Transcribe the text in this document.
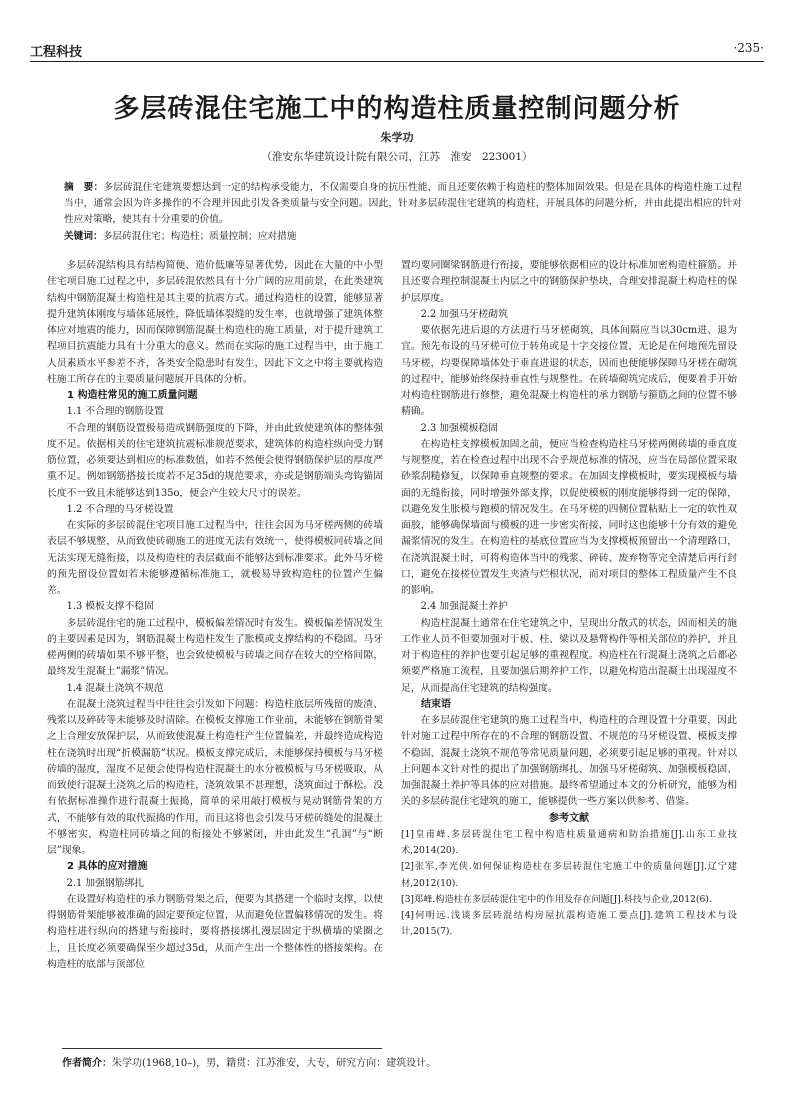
工程科技	·235·
多层砖混住宅施工中的构造柱质量控制问题分析
朱学功
（淮安东华建筑设计院有限公司，江苏　淮安　223001）
摘　要：多层砖混住宅建筑要想达到一定的结构承受能力，不仅需要自身的抗压性能，而且还要依赖于构造柱的整体加固效果。但是在具体的构造柱施工过程当中，通常会因为许多操作的不合理并因此引发各类质量与安全问题。因此，针对多层砖混住宅建筑的构造柱，开展具体的问题分析，并由此提出相应的针对性应对策略，使其有十分重要的价值。
关键词：多层砖混住宅；构造柱；质量控制；应对措施

多层砖混结构具有结构简便、造价低廉等显著优势，因此在大量的中小型住宅项目施工过程之中，多层砖混依然具有十分广阔的应用前景，在此类建筑结构中钢筋混凝土构造柱是其主要的抗震方式。通过构造柱的设置，能够显著提升建筑体刚度与墙体延展性，降低墙体裂缝的发生率，也就增强了建筑体整体应对地震的能力，因而保障钢筋混凝土构造柱的施工质量，对于提升建筑工程项目抗震能力具有十分重大的意义。然而在实际的施工过程当中，由于施工人员素质水平参差不齐，各类安全隐患时有发生，因此下文之中将主要就构造柱施工所存在的主要质量问题展开具体的分析。

1 构造柱常见的施工质量问题
1.1 不合理的钢筋设置

不合理的钢筋设置极易造成钢筋强度的下降，并由此致使建筑体的整体强度不足。依据相关的住宅建筑抗震标准规范要求，建筑体的构造柱纵向受力钢筋位置，必须要达到相应的标准数值，如若不然便会使得钢筋保护层的厚度严重不足。例如钢筋搭接长度若不足35d的规范要求，亦或是钢筋端头弯钩锚固长度不一致且未能够达到135o，便会产生较大尺寸的误差。

1.2 不合理的马牙槎设置

在实际的多层砖混住宅项目施工过程当中，往往会因为马牙槎两侧的砖墙表层不够规整，从而致使砖砌施工的进度无法有效统一，使得模板同砖墙之间无法实现无缝衔接，以及构造柱的表层截面不能够达到标准要求。此外马牙槎的预先留设位置如若未能够遵循标准施工，就极易导致构造柱的位置产生偏差。

1.3 模板支撑不稳固

多层砖混住宅的施工过程中，模板偏差情况时有发生。模板偏差情况发生的主要因素是因为，钢筋混凝土构造柱发生了胀模或支撑结构的不稳固。马牙槎两侧的砖墙如果不够平整，也会致使模板与砖墙之间存在较大的空格间隙，最终发生混凝土“漏浆”情况。

1.4 混凝土浇筑不规范

在混凝土浇筑过程当中往往会引发如下问题：构造柱底层所残留的废渣、残浆以及碎砖等未能够及时清除。在模板支撑施工作业前，未能够在钢筋骨架之上合理安放保护层，从而致使混凝土构造柱产生位置偏差，并最终造成构造柱在浇筑时出现“折模漏筋”状况。模板支撑完成后，未能够保持模板与马牙槎砖墙的湿度，湿度不足便会使得构造柱混凝土的水分被模板与马牙槎吸取，从而致使行混凝土浇筑之后的构造柱，浇筑效果不甚理想，浇筑面过于酥松。没有依据标准操作进行混凝土振捣，简单的采用敲打模板与晃动钢筋骨架的方式，不能够有效的取代振捣的作用，而且这将也会引发马牙槎砖缝处的混凝土不够密实，构造柱同砖墙之间的衔接处不够紧闭，并由此发生“孔洞”与“断层”现象。

2 具体的应对措施
2.1 加强钢筋绑扎

在设置好构造柱的承力钢筋骨架之后，便要为其搭建一个临时支撑，以使得钢筋骨架能够被准确的固定要预定位置，从而避免位置偏移情况的发生。将构造柱进行纵向的搭建与衔接时，要将搭接绑扎漫层固定于纵横墙的梁圈之上，且长度必须要确保至少超过35d，从而产生出一个整体性的搭接架构。在构造柱的底部与顶部位

置均要同圈梁钢筋进行衔接，要能够依据相应的设计标准加密构造柱箍筋。并且还要合理控制混凝土内层之中的钢筋保护垫块，合理安排混凝土构造柱的保护层厚度。

2.2 加强马牙槎砌筑

要依据先进后退的方法进行马牙槎砌筑，具体间隔应当以30cm进、退为宜。预先布设的马牙槎可位于转角或是十字交接位置，无论是在何地预先留设马牙槎，均要保障墙体处于垂直进退的状态，因而也便能够保障马牙槎在砌筑的过程中，能够始终保持垂直性与规整性。在砖墙砌筑完成后，便要着手开始对构造柱钢筋进行修整，避免混凝土构造柱的承力钢筋与箍筋之间的位置不够精确。

2.3 加强模板稳固

在构造柱支撑模板加固之前，便应当检查构造柱马牙槎两侧砖墙的垂直度与规整度，若在检查过程中出现不合乎规范标准的情况，应当在局部位置采取砂浆刮糙修复，以保障垂直规整的要求。在加固支撑模板时，要实现模板与墙面的无缝衔接，同时增强外部支撑，以促使模板的刚度能够得到一定的保障，以避免发生胀模与跑模的情况发生。在马牙槎的四侧位置粘贴上一定的软性双面胶，能够确保墙面与模板的进一步密实衔接，同时这也能够十分有效的避免漏浆情况的发生。在构造柱的基底位置应当为支撑模板预留出一个清理路口，在浇筑混凝土时，可将构造体当中的残浆、碎砖、废弃物等完全清楚后再行封口，避免在接槎位置发生夹渣与烂根状况，而对项目的整体工程质量产生不良的影响。

2.4 加强混凝土养护

构造柱混凝土通常在住宅建筑之中，呈现出分散式的状态，因而相关的施工作业人员不但要加强对于板、柱、梁以及悬臂构件等相关部位的养护，并且对于构造柱的养护也要引起足够的重视程度。构造柱在行混凝土浇筑之后都必须要严格施工流程，且要加强后期养护工作，以避免构造出混凝土出现湿度不足，从而提高住宅建筑的结构强度。

结束语

在多层砖混住宅建筑的施工过程当中，构造柱的合理设置十分重要，因此针对施工过程中所存在的不合理的钢筋设置、不规范的马牙槎设置、模板支撑不稳固、混凝土浇筑不规范等常见质量问题，必须要引起足够的重视。针对以上问题本文针对性的提出了加强钢筋绑扎、加强马牙槎砌筑、加强模板稳固、加强混凝土养护等具体的应对措施。最终希望通过本文的分析研究，能够为相关的多层砖混住宅建筑的施工，能够提供一些方案以供参考、借鉴。

参考文献

[1]皇甫峰.多层砖混住宅工程中构造柱质量通病和防治措施[J].山东工业技术,2014(20).

[2]张军,李光侠.如何保证构造柱在多层砖混住宅施工中的质量问题[J].辽宁建材,2012(10).

[3]郑峰.构造柱在多层砖混住宅中的作用及存在问题[J].科技与企业,2012(6).

[4]何明远.浅谈多层砖混结构房屋抗震构造施工要点[J].建筑工程技术与设计,2015(7).

作者简介：朱学功(1968,10–)，男，籍贯：江苏淮安，大专，研究方向：建筑设计。
